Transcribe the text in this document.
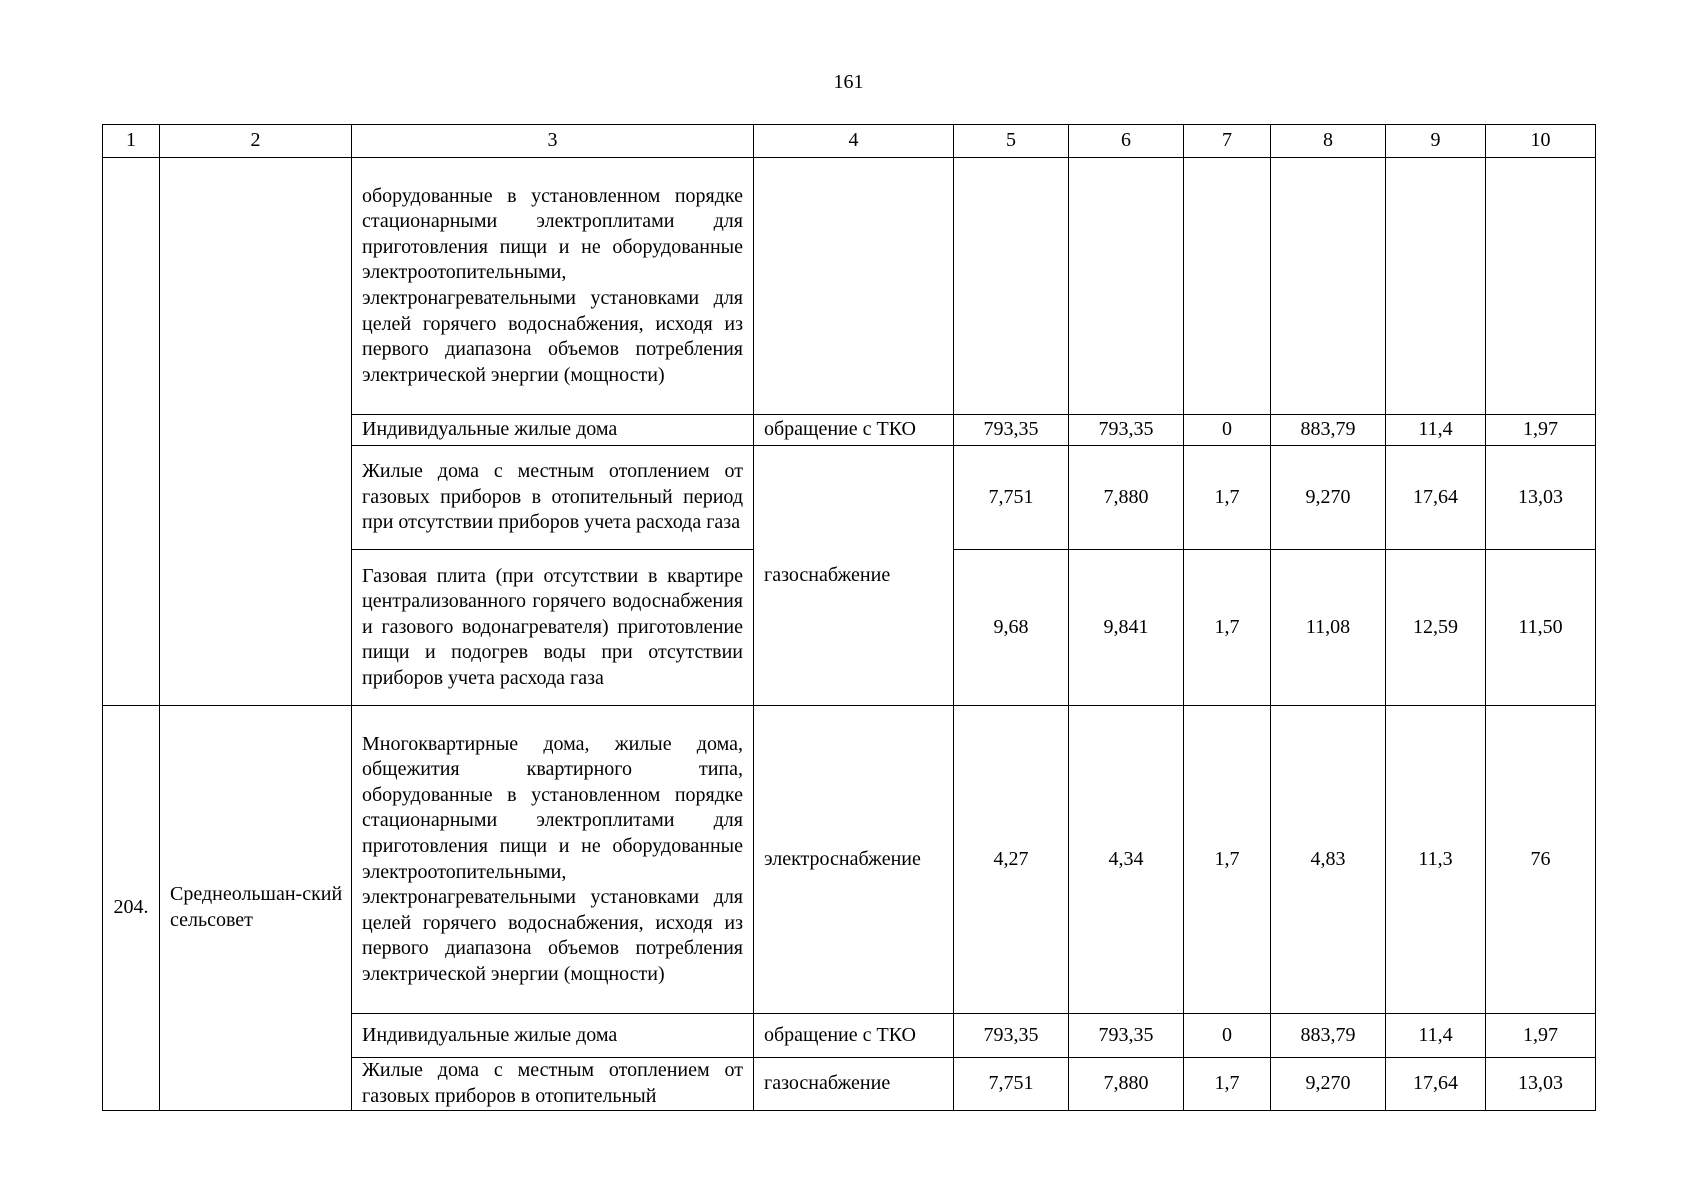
161
1	2	3	4	5	6	7	8	9	10
		оборудованные в установленном порядке стационарными электроплитами для приготовления пищи и не оборудованные электроотопительными, электронагревательными установками для целей горячего водоснабжения, исходя из первого диапазона объемов потребления электрической энергии (мощности)							
		Индивидуальные жилые дома	обращение с ТКО	793,35	793,35	0	883,79	11,4	1,97
		Жилые дома с местным отоплением от газовых приборов в отопительный период при отсутствии приборов учета расхода газа	газоснабжение	7,751	7,880	1,7	9,270	17,64	13,03
		Газовая плита (при отсутствии в квартире централизованного горячего водоснабжения и газового водонагревателя) приготовление пищи и подогрев воды при отсутствии приборов учета расхода газа		9,68	9,841	1,7	11,08	12,59	11,50
204.	Среднеольшан-ский сельсовет	Многоквартирные дома, жилые дома, общежития квартирного типа, оборудованные в установленном порядке стационарными электроплитами для приготовления пищи и не оборудованные электроотопительными, электронагревательными установками для целей горячего водоснабжения, исходя из первого диапазона объемов потребления электрической энергии (мощности)	электроснабжение	4,27	4,34	1,7	4,83	11,3	76
		Индивидуальные жилые дома	обращение с ТКО	793,35	793,35	0	883,79	11,4	1,97
		Жилые дома с местным отоплением от газовых приборов в отопительный	газоснабжение	7,751	7,880	1,7	9,270	17,64	13,03
